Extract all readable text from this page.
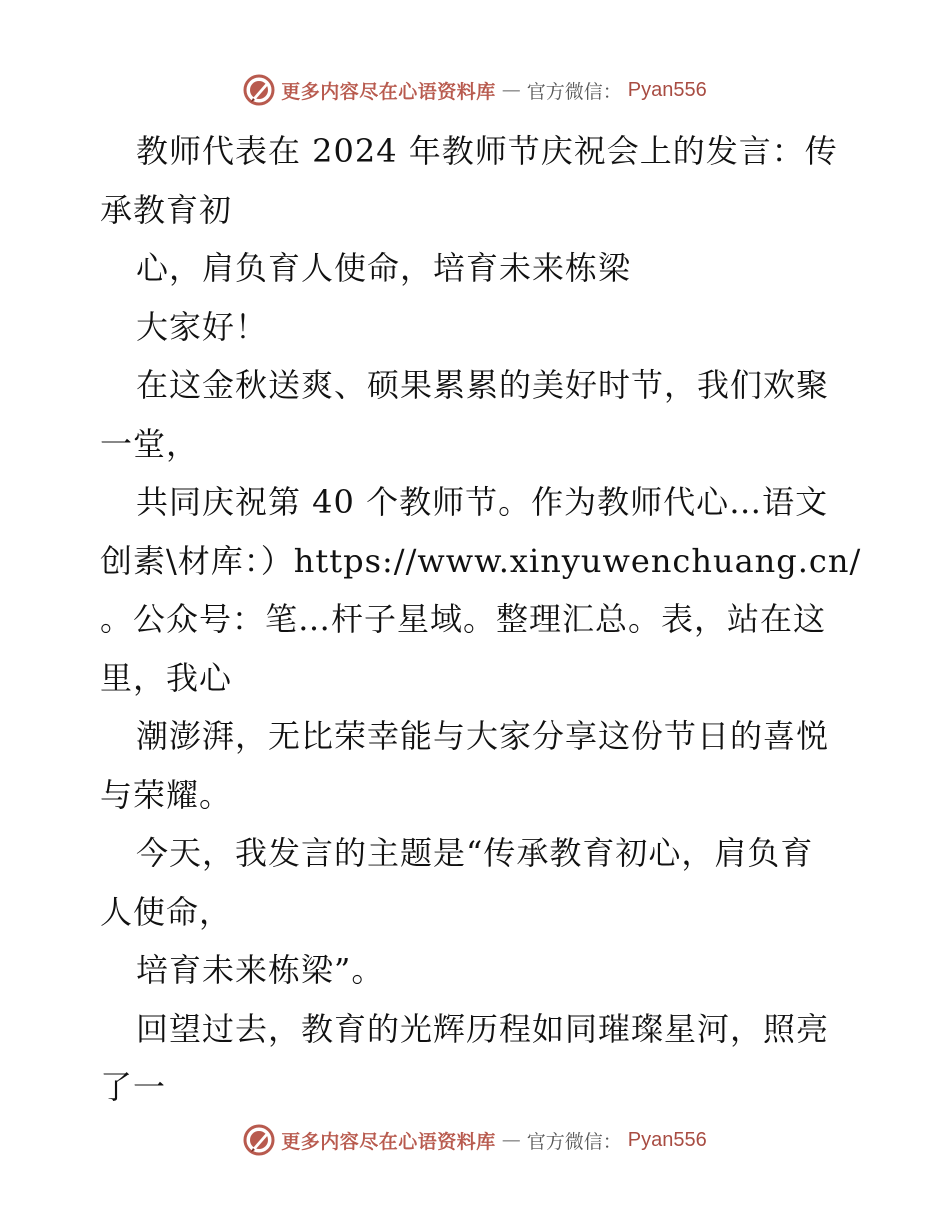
更多内容尽在心语资料库 — 官方微信： Pyan556
教师代表在 2024 年教师节庆祝会上的发言：传
承教育初
心，肩负育人使命，培育未来栋梁
大家好！
在这金秋送爽、硕果累累的美好时节，我们欢聚
一堂，
共同庆祝第 40 个教师节。作为教师代心…语文
创素\材库：）https://www.xinyuwenchuang.cn/
。公众号：笔…杆子星域。整理汇总。表，站在这
里，我心
潮澎湃，无比荣幸能与大家分享这份节日的喜悦
与荣耀。
今天，我发言的主题是“传承教育初心，肩负育
人使命，
培育未来栋梁”。
回望过去，教育的光辉历程如同璀璨星河，照亮
了一
更多内容尽在心语资料库 — 官方微信： Pyan556
